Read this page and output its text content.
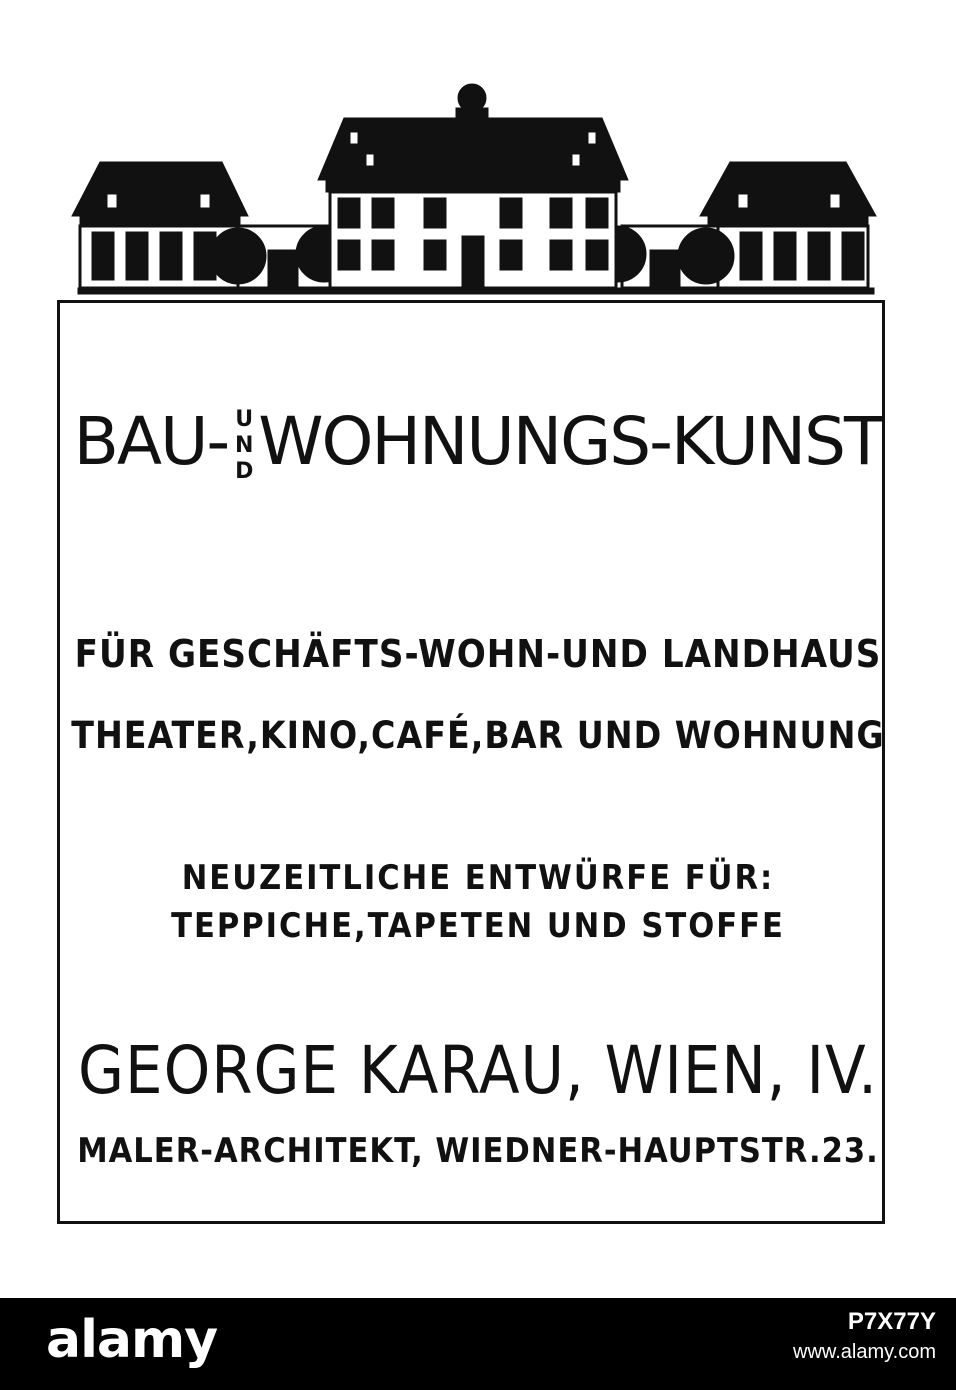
BAU- UND WOHNUNGS-KUNST
FÜR GESCHÄFTS-WOHN-UND LANDHAUS
THEATER,KINO,CAFÉ,BAR UND WOHNUNG
NEUZEITLICHE ENTWÜRFE FÜR:
TEPPICHE,TAPETEN UND STOFFE
GEORGE KARAU, WIEN, IV.
MALER-ARCHITEKT, WIEDNER-HAUPTSTR.23.
alamy	P7X77Y
www.alamy.com
